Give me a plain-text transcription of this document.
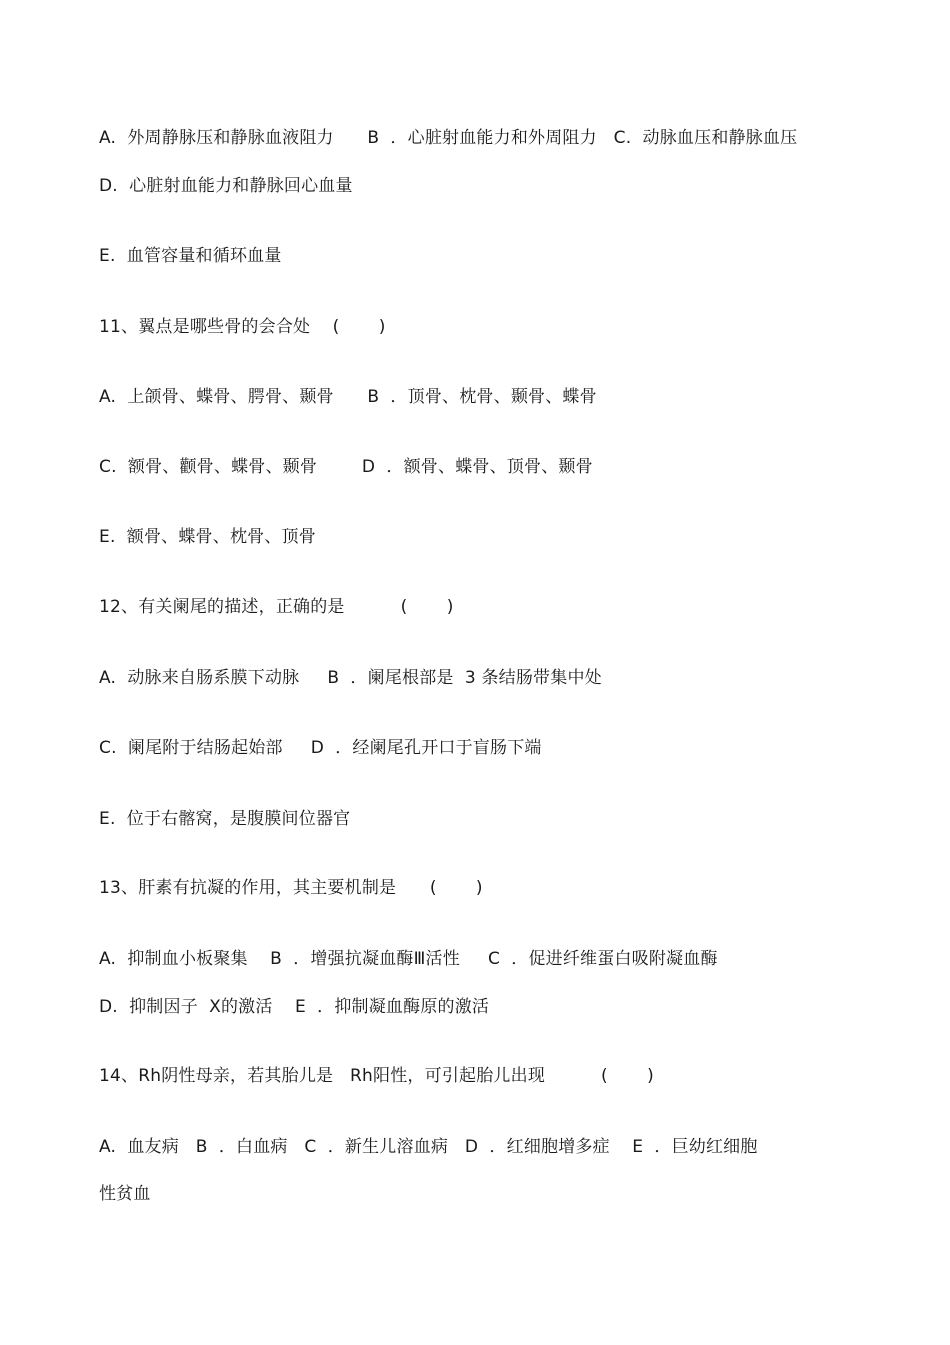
A.  外周静脉压和静脉血液阻力      B  ．心脏射血能力和外周阻力   C.  动脉血压和静脉血压
D.  心脏射血能力和静脉回心血量
E.  血管容量和循环血量
11、翼点是哪些骨的会合处    (       )
A.  上颌骨、蝶骨、腭骨、颞骨      B  ．顶骨、枕骨、颞骨、蝶骨
C.  额骨、颧骨、蝶骨、颞骨        D  ．额骨、蝶骨、顶骨、颞骨
E.  额骨、蝶骨、枕骨、顶骨
12、有关阑尾的描述，正确的是          (       )
A.  动脉来自肠系膜下动脉     B  ．阑尾根部是  3 条结肠带集中处
C.  阑尾附于结肠起始部     D  ．经阑尾孔开口于盲肠下端
E.  位于右髂窝，是腹膜间位器官
13、肝素有抗凝的作用，其主要机制是      (       )
A.  抑制血小板聚集    B  ．增强抗凝血酶Ⅲ活性     C  ．促进纤维蛋白吸附凝血酶
D.  抑制因子  Ⅹ的激活    E  ．抑制凝血酶原的激活
14、Rh阴性母亲，若其胎儿是   Rh阳性，可引起胎儿出现          (       )
A.  血友病   B  ．白血病   C  ．新生儿溶血病   D  ．红细胞增多症    E  ．巨幼红细胞
性贫血
